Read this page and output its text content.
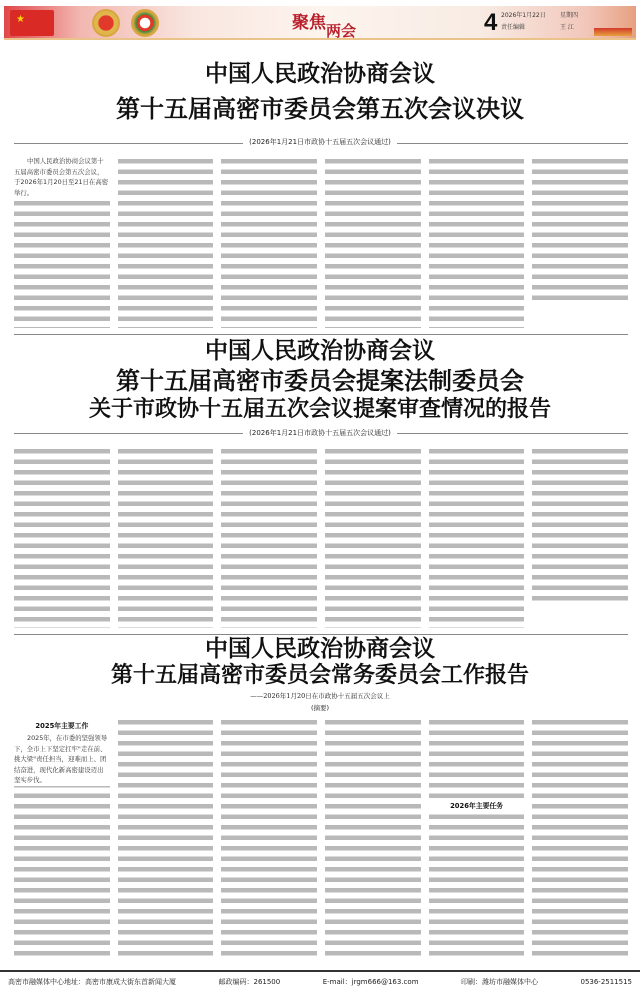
★	聚焦两会	4 2026年1月22日 星期四
责任编辑	王 江
中国人民政治协商会议
第十五届高密市委员会第五次会议决议
(2026年1月21日市政协十五届五次会议通过)

中国人民政治协商会议第十五届高密市委员会第五次会议，于2026年1月20日至21日在高密举行。

中国人民政治协商会议
第十五届高密市委员会提案法制委员会
关于市政协十五届五次会议提案审查情况的报告
(2026年1月21日市政协十五届五次会议通过)
中国人民政治协商会议
第十五届高密市委员会常务委员会工作报告
——2026年1月20日在市政协十五届五次会议上
(摘要)
2025年主要工作

2025年，在市委的坚强领导下，全市上下坚定扛牢"走在前、挑大梁"责任担当，迎难而上、团结奋进，现代化新高密建设迈出坚实步伐。

2026年主要任务
高密市融媒体中心地址：高密市康成大街东首新闻大厦	邮政编码：261500	E-mail：jrgm666@163.com	印刷：潍坊市融媒体中心	0536-2511515
